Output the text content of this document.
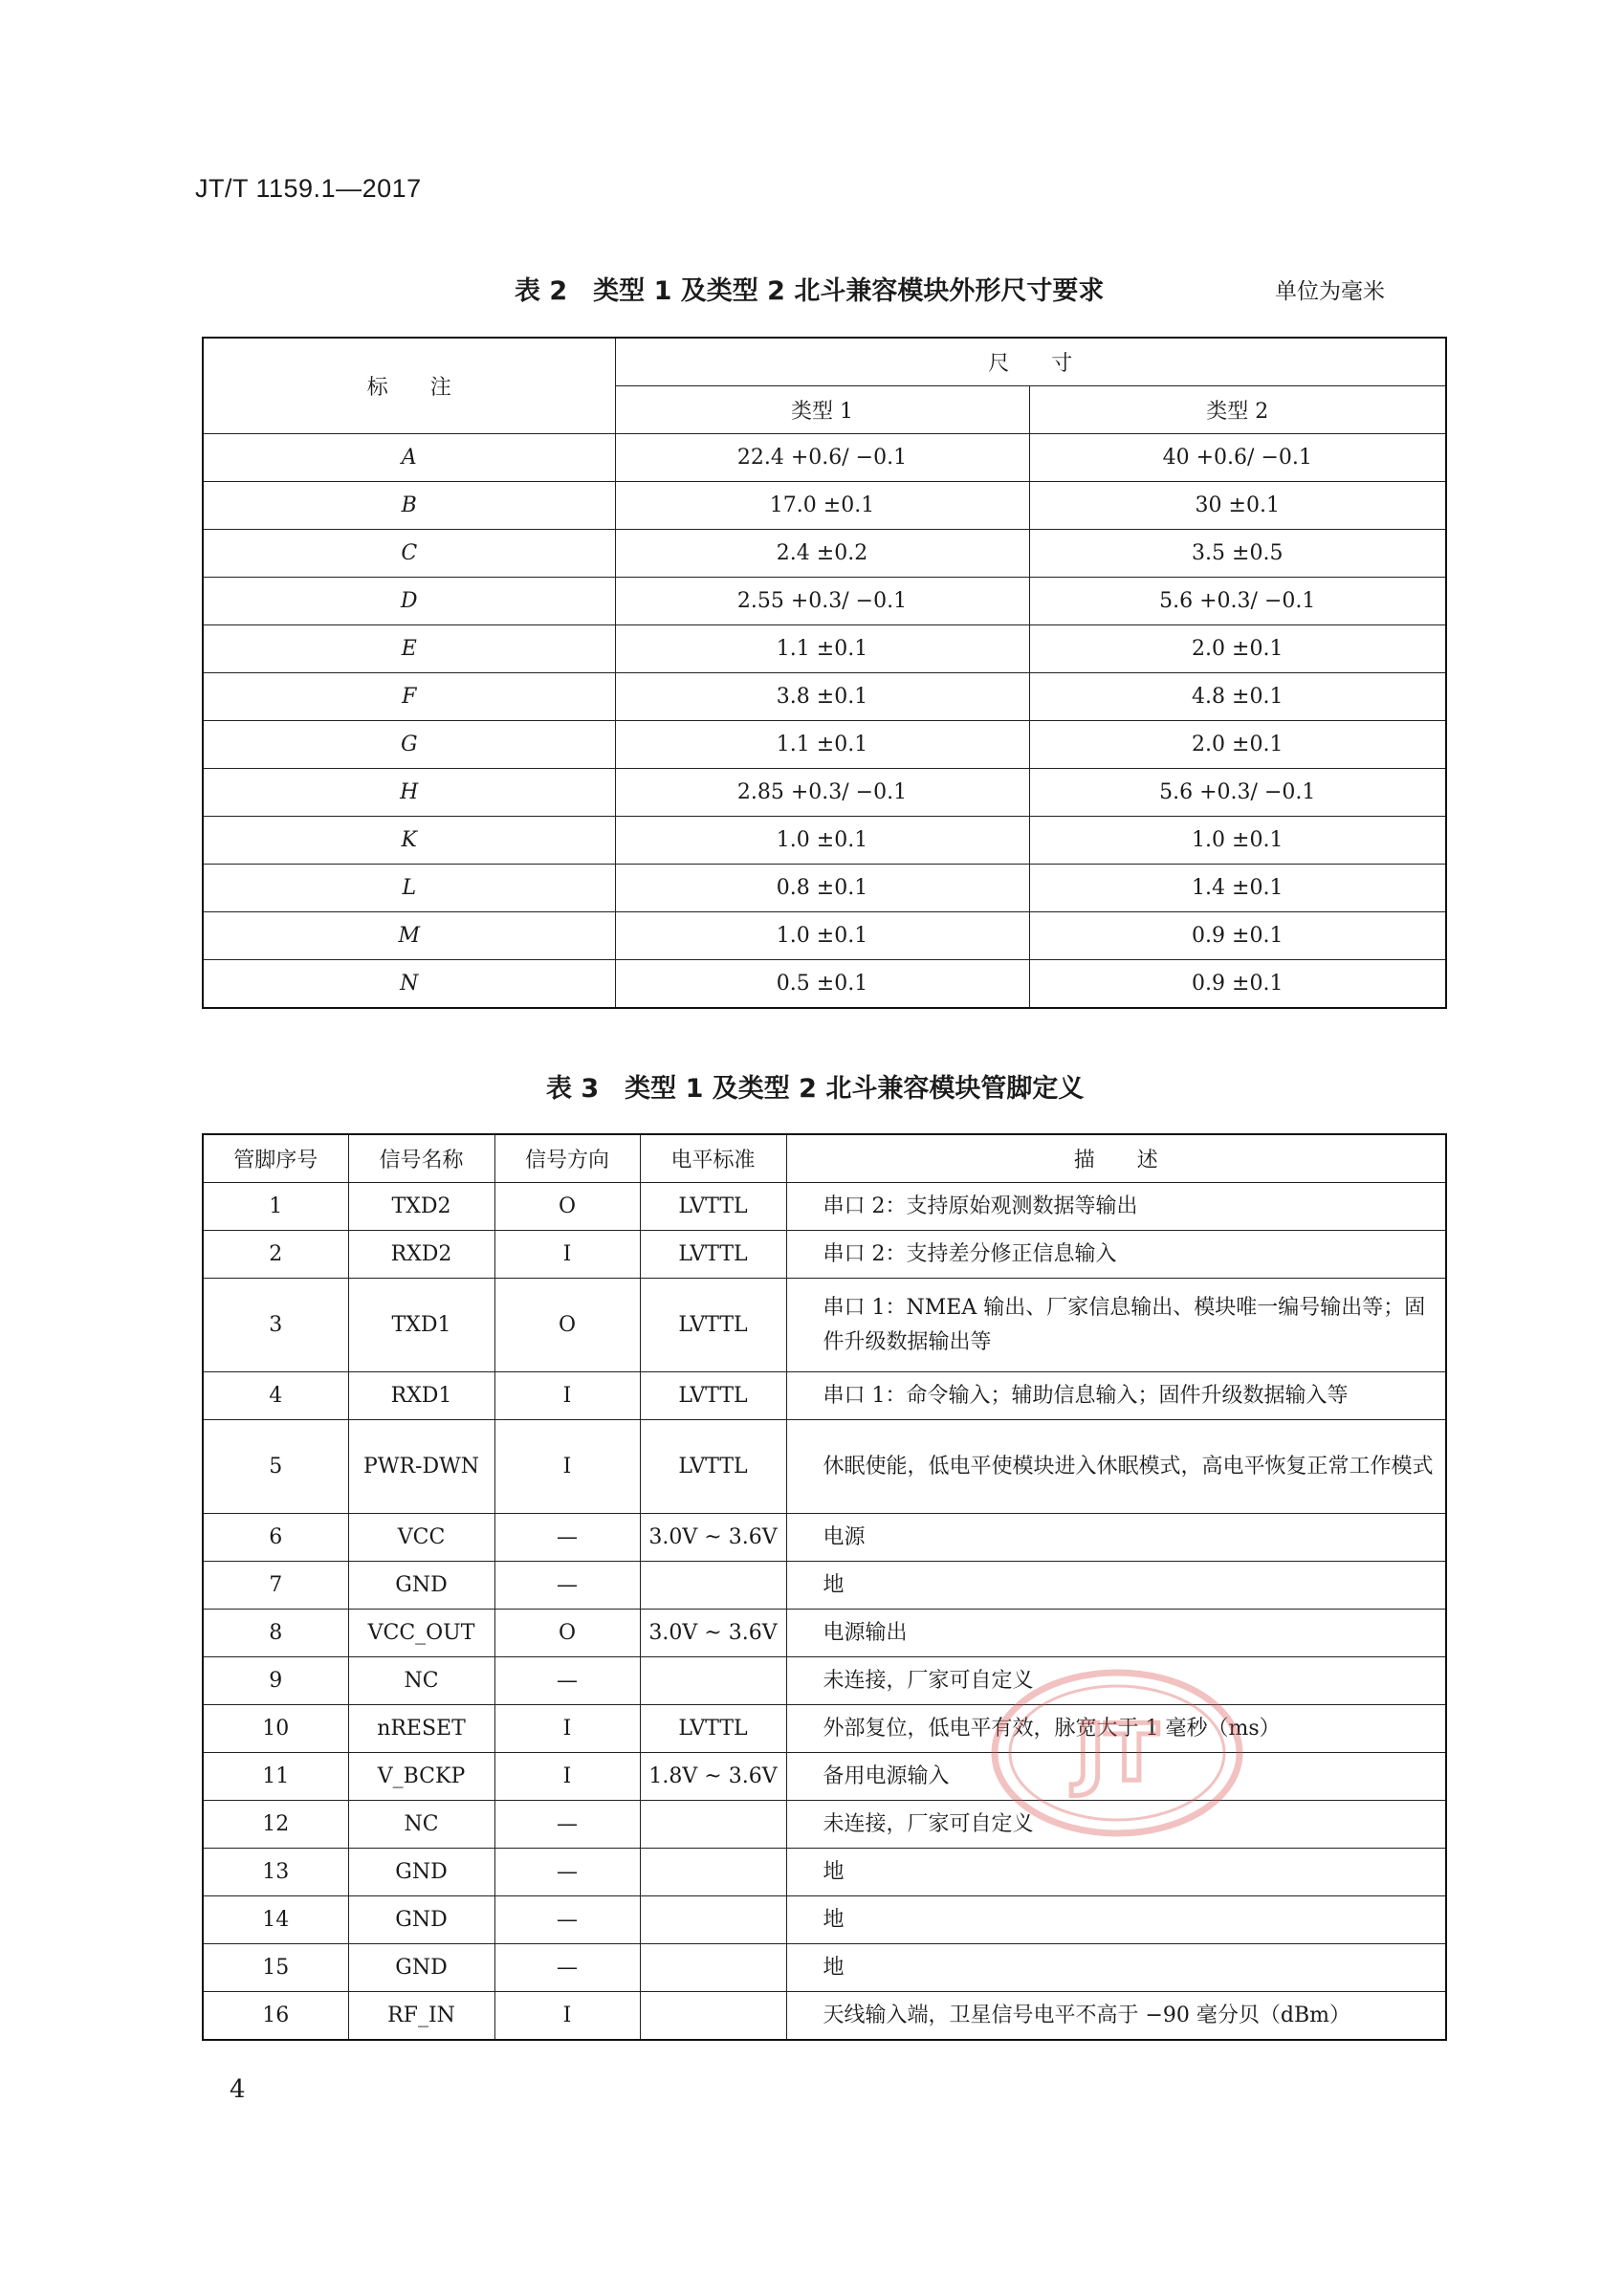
JT/T 1159.1—2017
表 2　类型 1 及类型 2 北斗兼容模块外形尺寸要求	单位为毫米
标　　注	尺　　寸	
	类型 1	类型 2
A	22.4 +0.6/ −0.1	40 +0.6/ −0.1
B	17.0 ±0.1	30 ±0.1
C	2.4 ±0.2	3.5 ±0.5
D	2.55 +0.3/ −0.1	5.6 +0.3/ −0.1
E	1.1 ±0.1	2.0 ±0.1
F	3.8 ±0.1	4.8 ±0.1
G	1.1 ±0.1	2.0 ±0.1
H	2.85 +0.3/ −0.1	5.6 +0.3/ −0.1
K	1.0 ±0.1	1.0 ±0.1
L	0.8 ±0.1	1.4 ±0.1
M	1.0 ±0.1	0.9 ±0.1
N	0.5 ±0.1	0.9 ±0.1
表 3　类型 1 及类型 2 北斗兼容模块管脚定义
管脚序号	信号名称	信号方向	电平标准	描　　述
1	TXD2	O	LVTTL	串口 2：支持原始观测数据等输出
2	RXD2	I	LVTTL	串口 2：支持差分修正信息输入
3	TXD1	O	LVTTL	串口 1：NMEA 输出、厂家信息输出、模块唯一编号输出等；固件升级数据输出等
4	RXD1	I	LVTTL	串口 1：命令输入；辅助信息输入；固件升级数据输入等
5	PWR-DWN	I	LVTTL	休眠使能，低电平使模块进入休眠模式，高电平恢复正常工作模式
6	VCC	—	3.0V ~ 3.6V	电源
7	GND	—		地
8	VCC_OUT	O	3.0V ~ 3.6V	电源输出
9	NC	—		未连接，厂家可自定义
10	nRESET	I	LVTTL	外部复位，低电平有效，脉宽大于 1 毫秒（ms）
11	V_BCKP	I	1.8V ~ 3.6V	备用电源输入
12	NC	—		未连接，厂家可自定义
13	GND	—		地
14	GND	—		地
15	GND	—		地
16	RF_IN	I		天线输入端，卫星信号电平不高于 −90 毫分贝（dBm）
JT
4
